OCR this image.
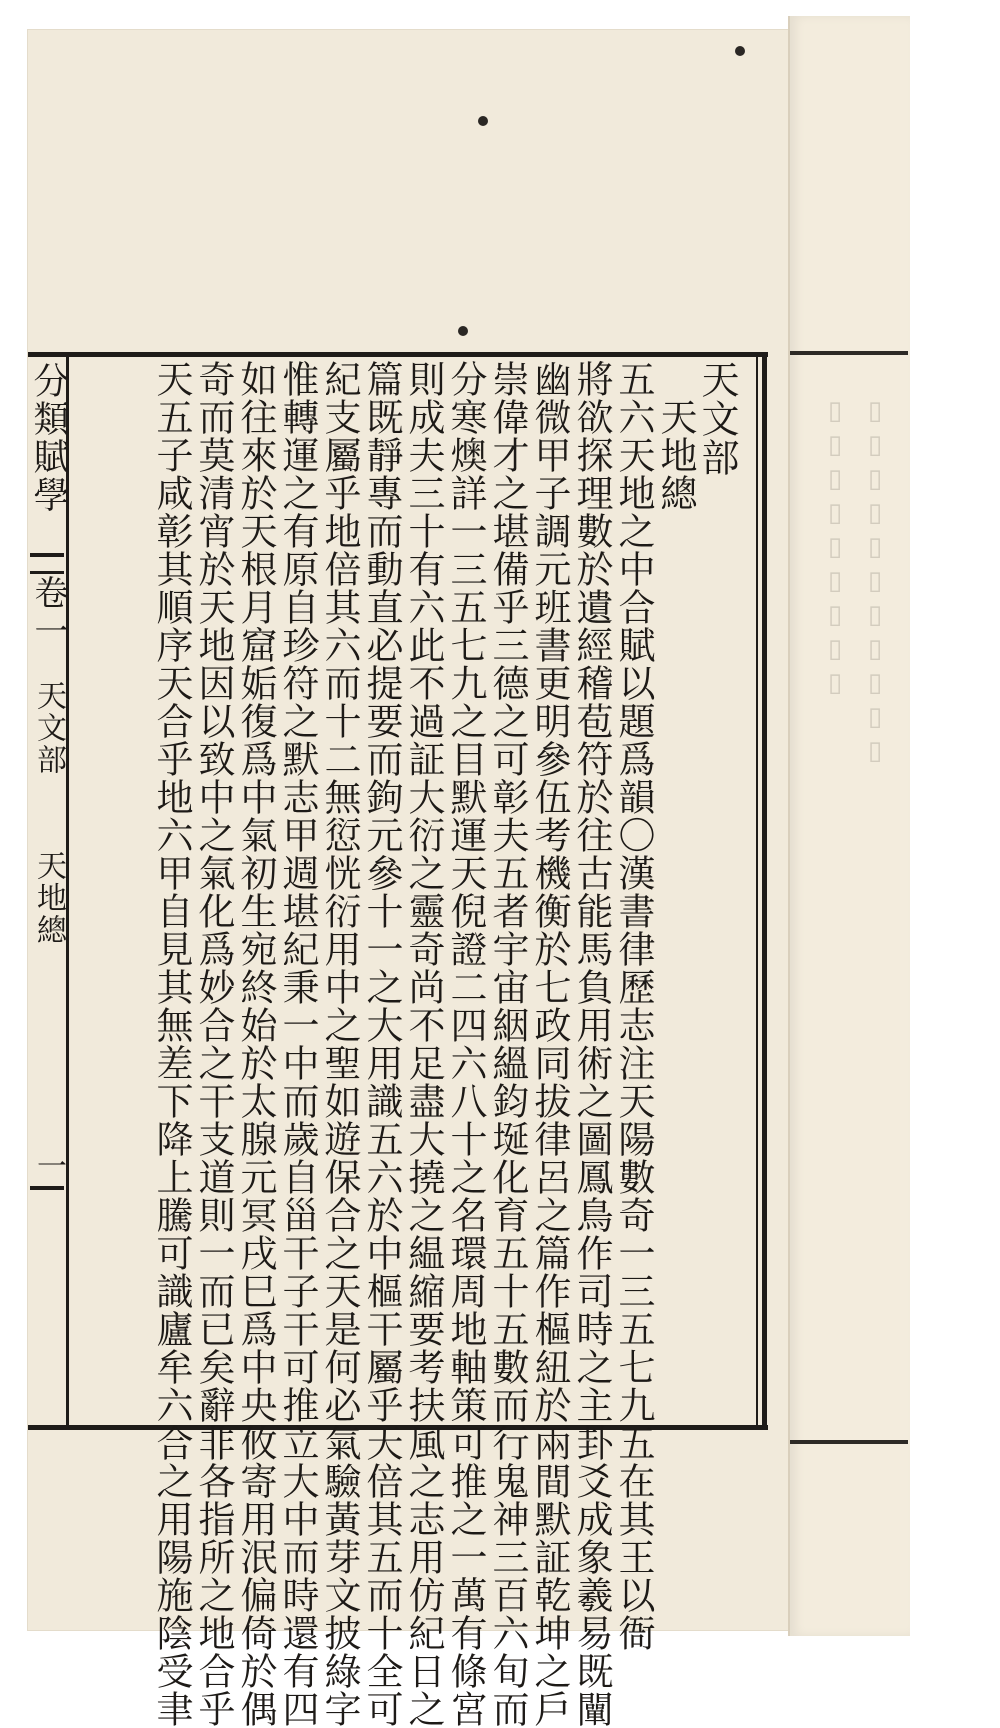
▯▯▯▯▯▯▯▯▯▯▯
▯▯▯▯▯▯▯▯▯
天文部
天地總
五六天地之中合賦以題爲韻〇漢書律歷志注天陽數奇一三五七九五在其王以衙
將欲探理數於遺經稽苞符於往古能馬負用術之圖鳳鳥作司時之主卦爻成象羲易既闡
幽微甲子調元班書更明參伍考機衡於七政同拔律呂之篇作樞紐於兩間默証乾坤之戶
崇偉才之堪備乎三德之可彰夫五者宇宙絪縕鈞埏化育五十五數而行鬼神三百六旬而
分寒燠詳一三五七九之目默運天倪證二四六八十之名環周地軸策可推之一萬有條宮
則成夫三十有六此不過証大衍之靈奇尚不足盡大撓之緼縮要考扶風之志用仿紀日之
篇既靜專而動直必提要而鉤元參十一之大用識五六於中樞干屬乎天倍其五而十全可
紀支屬乎地倍其六而十二無愆恍衍用中之聖如遊保合之天是何必氣驗黃芽文披綠字
惟轉運之有原自珍符之默志甲週堪紀秉一中而歲自甾干子干可推立大中而時還有四
如往來於天根月窟姤復爲中氣初生宛終始於太腺元冥戌巳爲中央攸寄用泯偏倚於偶
奇而莫清宵於天地因以致中之氣化爲妙合之干支道則一而已矣辭非各指所之地合乎
天五子咸彰其順序天合乎地六甲自見其無差下降上騰可識廬牟六合之用陽施陰受聿
分類賦學
卷一
天文部
天地總
一
